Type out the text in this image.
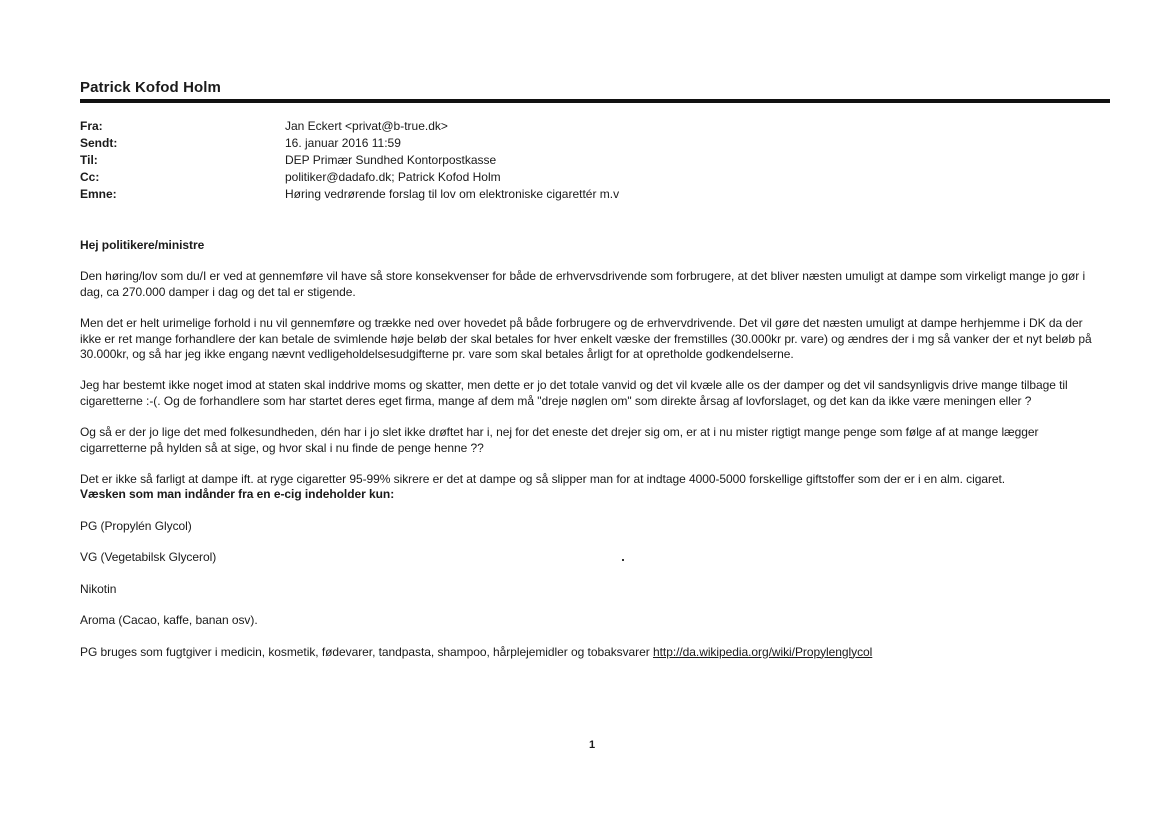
Patrick Kofod Holm
Fra:	Jan Eckert <privat@b-true.dk>
Sendt:	16. januar 2016 11:59
Til:	DEP Primær Sundhed Kontorpostkasse
Cc:	politiker@dadafo.dk; Patrick Kofod Holm
Emne:	Høring vedrørende forslag til lov om elektroniske cigarettér m.v

Hej politikere/ministre

Den høring/lov som du/I er ved at gennemføre vil have så store konsekvenser for både de erhvervsdrivende som forbrugere, at det bliver næsten umuligt at dampe som virkeligt mange jo gør i dag, ca 270.000 damper i dag og det tal er stigende.

Men det er helt urimelige forhold i nu vil gennemføre og trække ned over hovedet på både forbrugere og de erhvervdrivende. Det vil gøre det næsten umuligt at dampe herhjemme i DK da der ikke er ret mange forhandlere der kan betale de svimlende høje beløb der skal betales for hver enkelt væske der fremstilles (30.000kr pr. vare) og ændres der i mg så vanker der et nyt beløb på 30.000kr, og så har jeg ikke engang nævnt vedligeholdelsesudgifterne pr. vare som skal betales årligt for at opretholde godkendelserne.

Jeg har bestemt ikke noget imod at staten skal inddrive moms og skatter, men dette er jo det totale vanvid og det vil kvæle alle os der damper og det vil sandsynligvis drive mange tilbage til cigaretterne :-(. Og de forhandlere som har startet deres eget firma, mange af dem må "dreje nøglen om" som direkte årsag af lovforslaget, og det kan da ikke være meningen eller ?

Og så er der jo lige det med folkesundheden, dén har i jo slet ikke drøftet har i, nej for det eneste det drejer sig om, er at i nu mister rigtigt mange penge som følge af at mange lægger cigarretterne på hylden så at sige, og hvor skal i nu finde de penge henne ??

Det er ikke så farligt at dampe ift. at ryge cigaretter 95-99% sikrere er det at dampe og så slipper man for at indtage 4000-5000 forskellige giftstoffer som der er i en alm. cigaret.

Væsken som man indånder fra en e-cig indeholder kun:

PG (Propylén Glycol)

VG (Vegetabilsk Glycerol)

Nikotin

Aroma (Cacao, kaffe, banan osv).

PG bruges som fugtgiver i medicin, kosmetik, fødevarer, tandpasta, shampoo, hårplejemidler og tobaksvarer http://da.wikipedia.org/wiki/Propylenglycol

1
